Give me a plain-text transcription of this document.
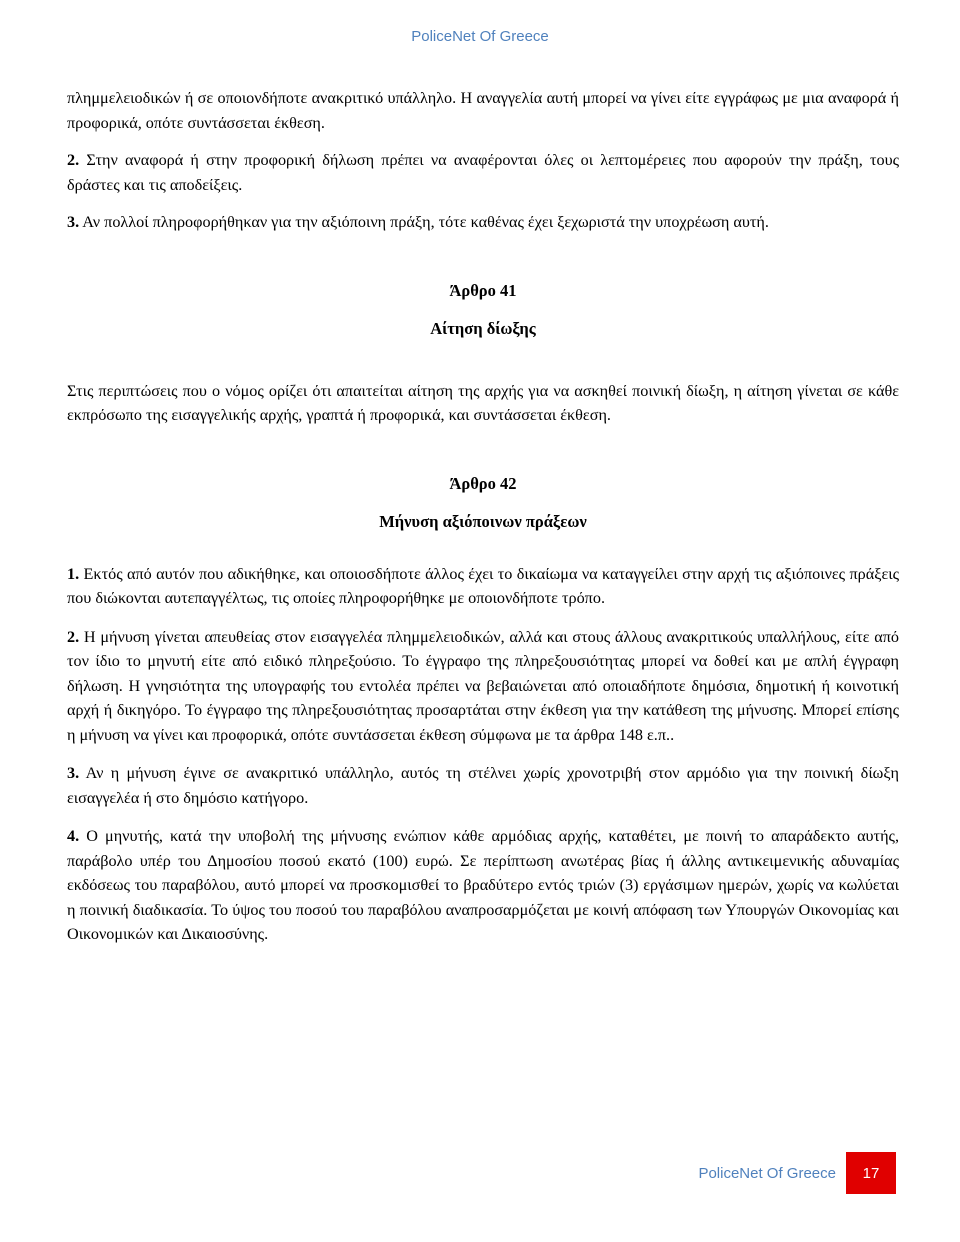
PoliceNet Of Greece

πλημμελειοδικών ή σε οποιονδήποτε ανακριτικό υπάλληλο. Η αναγγελία αυτή μπορεί να γίνει είτε εγγράφως με μια αναφορά ή προφορικά, οπότε συντάσσεται έκθεση.

2. Στην αναφορά ή στην προφορική δήλωση πρέπει να αναφέρονται όλες οι λεπτομέρειες που αφορούν την πράξη, τους δράστες και τις αποδείξεις.

3. Αν πολλοί πληροφορήθηκαν για την αξιόποινη πράξη, τότε καθένας έχει ξεχωριστά την υποχρέωση αυτή.

Άρθρο 41

Αίτηση δίωξης

Στις περιπτώσεις που ο νόμος ορίζει ότι απαιτείται αίτηση της αρχής για να ασκηθεί ποινική δίωξη, η αίτηση γίνεται σε κάθε εκπρόσωπο της εισαγγελικής αρχής, γραπτά ή προφορικά, και συντάσσεται έκθεση.

Άρθρο 42

Μήνυση αξιόποινων πράξεων

1. Εκτός από αυτόν που αδικήθηκε, και οποιοσδήποτε άλλος έχει το δικαίωμα να καταγγείλει στην αρχή τις αξιόποινες πράξεις που διώκονται αυτεπαγγέλτως, τις οποίες πληροφορήθηκε με οποιονδήποτε τρόπο.

2. Η μήνυση γίνεται απευθείας στον εισαγγελέα πλημμελειοδικών, αλλά και στους άλλους ανακριτικούς υπαλλήλους, είτε από τον ίδιο το μηνυτή είτε από ειδικό πληρεξούσιο. Το έγγραφο της πληρεξουσιότητας μπορεί να δοθεί και με απλή έγγραφη δήλωση. Η γνησιότητα της υπογραφής του εντολέα πρέπει να βεβαιώνεται από οποιαδήποτε δημόσια, δημοτική ή κοινοτική αρχή ή δικηγόρο. Το έγγραφο της πληρεξουσιότητας προσαρτάται στην έκθεση για την κατάθεση της μήνυσης. Μπορεί επίσης η μήνυση να γίνει και προφορικά, οπότε συντάσσεται έκθεση σύμφωνα με τα άρθρα 148 ε.π..

3. Αν η μήνυση έγινε σε ανακριτικό υπάλληλο, αυτός τη στέλνει χωρίς χρονοτριβή στον αρμόδιο για την ποινική δίωξη εισαγγελέα ή στο δημόσιο κατήγορο.

4. Ο μηνυτής, κατά την υποβολή της μήνυσης ενώπιον κάθε αρμόδιας αρχής, καταθέτει, με ποινή το απαράδεκτο αυτής, παράβολο υπέρ του Δημοσίου ποσού εκατό (100) ευρώ. Σε περίπτωση ανωτέρας βίας ή άλλης αντικειμενικής αδυναμίας εκδόσεως του παραβόλου, αυτό μπορεί να προσκομισθεί το βραδύτερο εντός τριών (3) εργάσιμων ημερών, χωρίς να κωλύεται η ποινική διαδικασία. Το ύψος του ποσού του παραβόλου αναπροσαρμόζεται με κοινή απόφαση των Υπουργών Οικονομίας και Οικονομικών και Δικαιοσύνης.

PoliceNet Of Greece	17
